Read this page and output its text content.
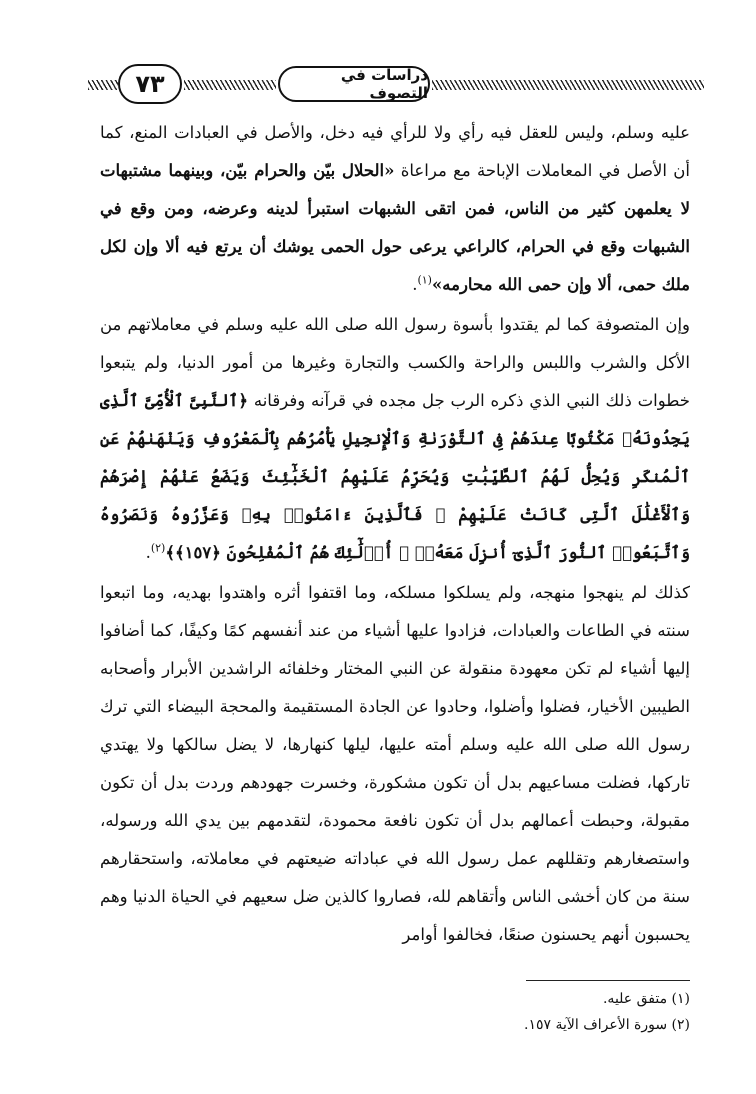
٧٣	دراسات في التصوف

عليه وسلم، وليس للعقل فيه رأي ولا للرأي فيه دخل، والأصل في العبادات المنع، كما أن الأصل في المعاملات الإباحة مع مراعاة «الحلال بيّن والحرام بيّن، وبينهما مشتبهات لا يعلمهن كثير من الناس، فمن اتقى الشبهات استبرأ لدينه وعرضه، ومن وقع في الشبهات وقع في الحرام، كالراعي يرعى حول الحمى يوشك أن يرتع فيه ألا وإن لكل ملك حمى، ألا وإن حمى الله محارمه»$^{(١)}$.

وإن المتصوفة كما لم يقتدوا بأسوة رسول الله صلى الله عليه وسلم في معاملاتهم من الأكل والشرب واللبس والراحة والكسب والتجارة وغيرها من أمور الدنيا، ولم يتبعوا خطوات ذلك النبي الذي ذكره الرب جل مجده في قرآنه وفرقانه ﴿ٱلنَّبِىَّ ٱلْأُمِّىَّ ٱلَّذِى يَجِدُونَهُۥ مَكْتُوبًا عِندَهُمْ فِى ٱلتَّوْرَىٰةِ وَٱلْإِنجِيلِ يَأْمُرُهُم بِٱلْمَعْرُوفِ وَيَنْهَىٰهُمْ عَنِ ٱلْمُنكَرِ وَيُحِلُّ لَهُمُ ٱلطَّيِّبَٰتِ وَيُحَرِّمُ عَلَيْهِمُ ٱلْخَبَٰٓئِثَ وَيَضَعُ عَنْهُمْ إِصْرَهُمْ وَٱلْأَغْلَٰلَ ٱلَّتِى كَانَتْ عَلَيْهِمْ ۚ فَٱلَّذِينَ ءَامَنُوا۟ بِهِۦ وَعَزَّرُوهُ وَنَصَرُوهُ وَٱتَّبَعُوا۟ ٱلنُّورَ ٱلَّذِىٓ أُنزِلَ مَعَهُۥٓ ۙ أُو۟لَٰٓئِكَ هُمُ ٱلْمُفْلِحُونَ ﴿١٥٧﴾﴾$^{(٢)}$.

كذلك لم ينهجوا منهجه، ولم يسلكوا مسلكه، وما اقتفوا أثره واهتدوا بهديه، وما اتبعوا سنته في الطاعات والعبادات، فزادوا عليها أشياء من عند أنفسهم كمًا وكيفًا، كما أضافوا إليها أشياء لم تكن معهودة منقولة عن النبي المختار وخلفائه الراشدين الأبرار وأصحابه الطيبين الأخيار، فضلوا وأضلوا، وحادوا عن الجادة المستقيمة والمحجة البيضاء التي ترك رسول الله صلى الله عليه وسلم أمته عليها، ليلها كنهارها، لا يضل سالكها ولا يهتدي تاركها، فضلت مساعيهم بدل أن تكون مشكورة، وخسرت جهودهم وردت بدل أن تكون مقبولة، وحبطت أعمالهم بدل أن تكون نافعة محمودة، لتقدمهم بين يدي الله ورسوله، واستصغارهم وتقللهم عمل رسول الله في عباداته ضيعتهم في معاملاته، واستحقارهم سنة من كان أخشى الناس وأتقاهم لله، فصاروا كالذين ضل سعيهم في الحياة الدنيا وهم يحسبون أنهم يحسنون صنعًا، فخالفوا أوامر

(١) متفق عليه.
(٢) سورة الأعراف الآية ١٥٧.
